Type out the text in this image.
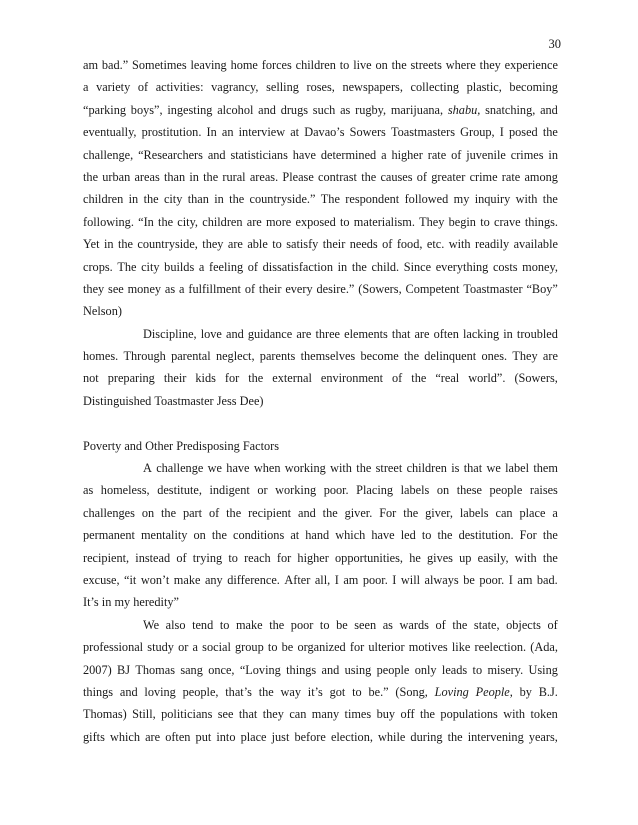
30
am bad.” Sometimes leaving home forces children to live on the streets where they experience
a variety of activities: vagrancy, selling roses, newspapers, collecting plastic, becoming
“parking boys”, ingesting alcohol and drugs such as rugby, marijuana, shabu, snatching, and
eventually, prostitution. In an interview at Davao’s Sowers Toastmasters Group, I posed the
challenge, “Researchers and statisticians have determined a higher rate of juvenile crimes in
the urban areas than in the rural areas. Please contrast the causes of greater crime rate among
children in the city than in the countryside.” The respondent followed my inquiry with the
following. “In the city, children are more exposed to materialism. They begin to crave things.
Yet in the countryside, they are able to satisfy their needs of food, etc. with readily available
crops. The city builds a feeling of dissatisfaction in the child. Since everything costs money,
they see money as a fulfillment of their every desire.” (Sowers, Competent Toastmaster “Boy”
Nelson)
Discipline, love and guidance are three elements that are often lacking in troubled
homes. Through parental neglect, parents themselves become the delinquent ones. They are
not preparing their kids for the external environment of the “real world”. (Sowers,
Distinguished Toastmaster Jess Dee)
Poverty and Other Predisposing Factors
A challenge we have when working with the street children is that we label them
as homeless, destitute, indigent or working poor. Placing labels on these people raises
challenges on the part of the recipient and the giver. For the giver, labels can place a
permanent mentality on the conditions at hand which have led to the destitution. For the
recipient, instead of trying to reach for higher opportunities, he gives up easily, with the
excuse, “it won’t make any difference. After all, I am poor. I will always be poor. I am bad.
It’s in my heredity”
We also tend to make the poor to be seen as wards of the state, objects of
professional study or a social group to be organized for ulterior motives like reelection. (Ada,
2007) BJ Thomas sang once, “Loving things and using people only leads to misery. Using
things and loving people, that’s the way it’s got to be.” (Song, Loving People, by B.J.
Thomas) Still, politicians see that they can many times buy off the populations with token
gifts which are often put into place just before election, while during the intervening years,
